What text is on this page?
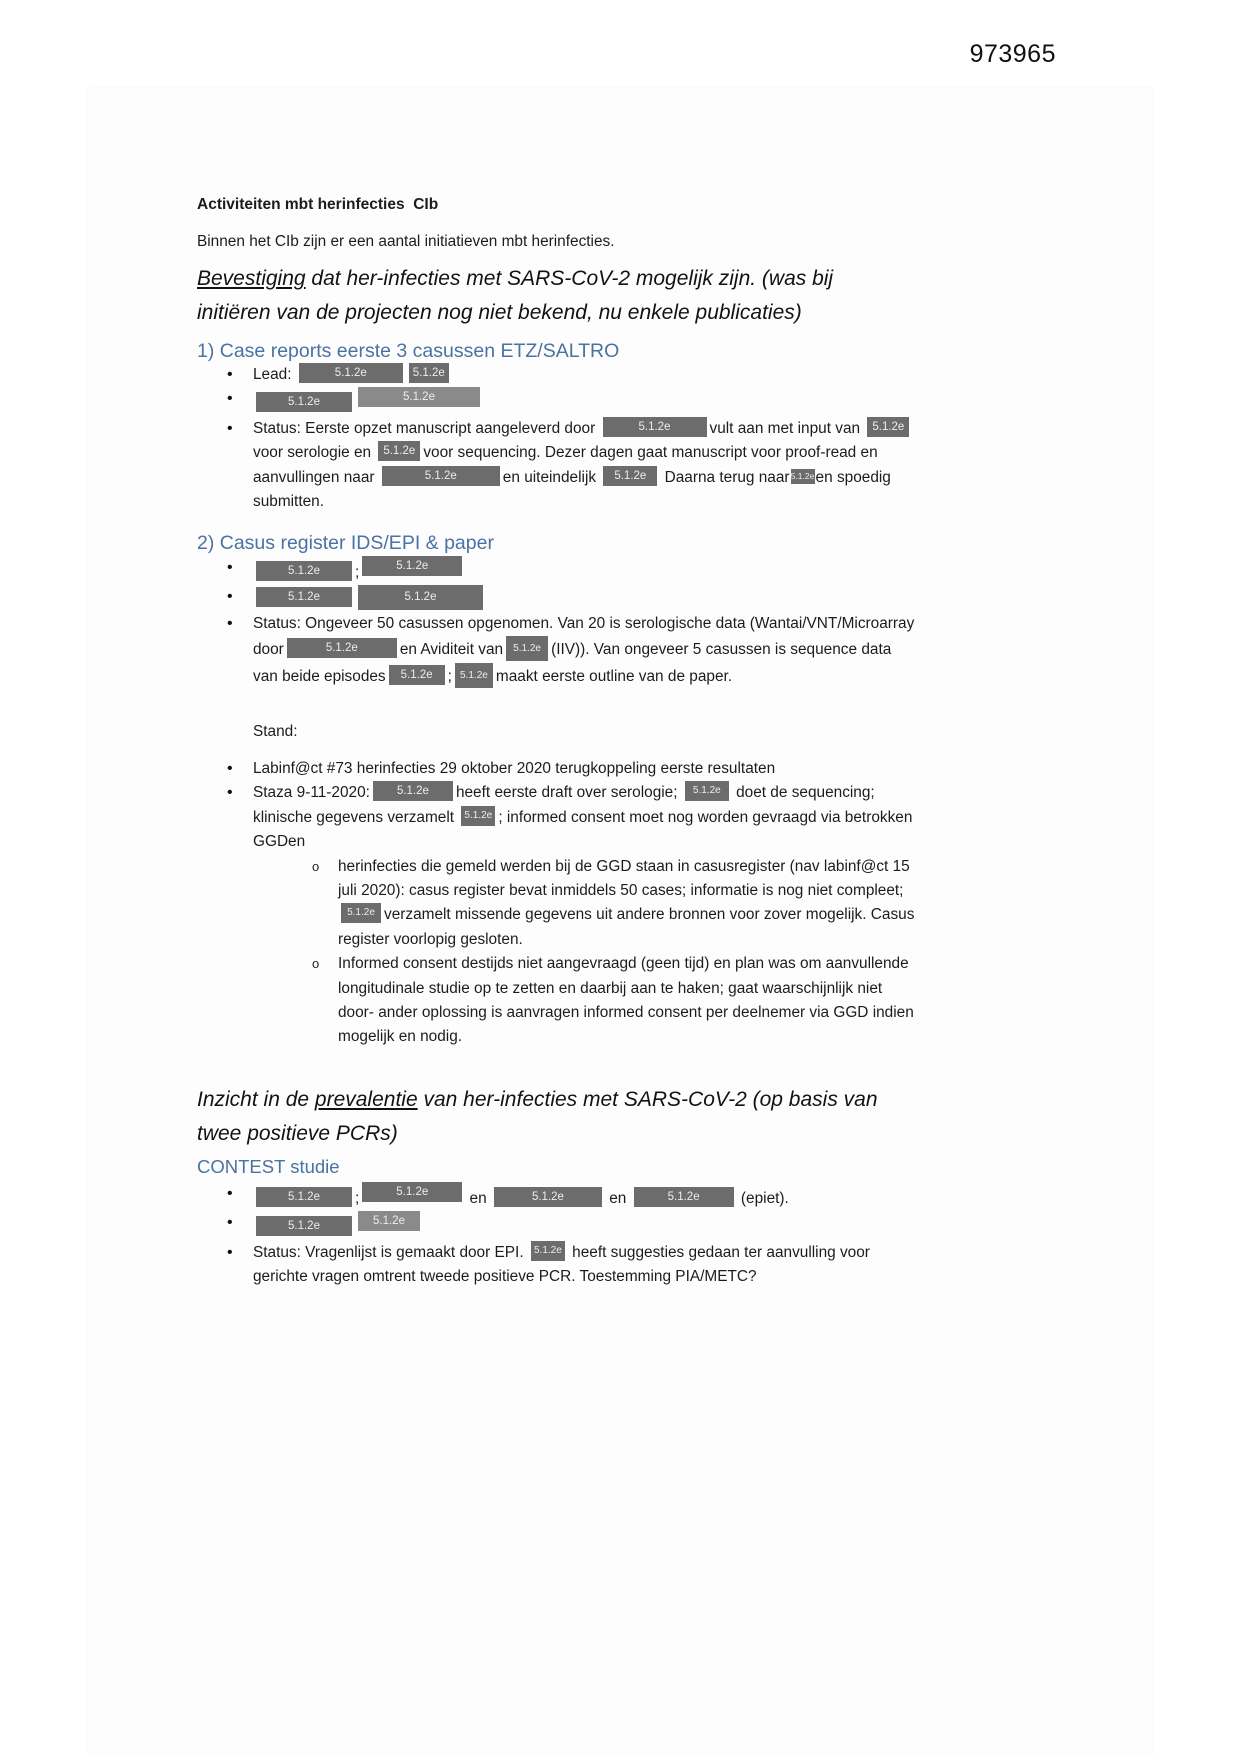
973965
Activiteiten mbt herinfecties  CIb

Binnen het CIb zijn er een aantal initiatieven mbt herinfecties.

Bevestiging dat her-infecties met SARS-CoV-2 mogelijk zijn. (was bij initiëren van de projecten nog niet bekend, nu enkele publicaties)
1) Case reports eerste 3 casussen ETZ/SALTRO
• Lead:	5.1.2e	5.1.2e
• 5.1.2e	5.1.2e
• Status: Eerste opzet manuscript aangeleverd door	5.1.2e	vult aan met input van 5.1.2e voor serologie en 5.1.2e voor sequencing. Dezer dagen gaat manuscript voor proof-read en aanvullingen naar	5.1.2e	en uiteindelijk 5.1.2e Daarna terug naar5.1.2een spoedig submitten.
2) Casus register IDS/EPI & paper
• 5.1.2e ;	5.1.2e
• 5.1.2e	5.1.2e
• Status: Ongeveer 50 casussen opgenomen. Van 20 is serologische data (Wantai/VNT/Microarray door	5.1.2e	en Aviditeit van 5.1.2e (IIV)). Van ongeveer 5 casussen is sequence data van beide episodes 5.1.2e ; 5.1.2e maakt eerste outline van de paper.

Stand:

• Labinf@ct #73 herinfecties 29 oktober 2020 terugkoppeling eerste resultaten
• Staza 9-11-2020: 5.1.2e heeft eerste draft over serologie; 5.1.2e doet de sequencing; klinische gegevens verzamelt 5.1.2e ; informed consent moet nog worden gevraagd via betrokken GGDen
o herinfecties die gemeld werden bij de GGD staan in casusregister (nav labinf@ct 15 juli 2020): casus register bevat inmiddels 50 cases; informatie is nog niet compleet;5.1.2e verzamelt missende gegevens uit andere bronnen voor zover mogelijk. Casus register voorlopig gesloten.
o Informed consent destijds niet aangevraagd (geen tijd) en plan was om aanvullende longitudinale studie op te zetten en daarbij aan te haken; gaat waarschijnlijk niet door- ander oplossing is aanvragen informed consent per deelnemer via GGD indien mogelijk en nodig.
Inzicht in de prevalentie van her-infecties met SARS-CoV-2 (op basis van twee positieve PCRs)
CONTEST studie
• 5.1.2e ;	5.1.2e en	5.1.2e	en	5.1.2e (epiet).
• 5.1.2e	5.1.2e
• Status: Vragenlijst is gemaakt door EPI. 5.1.2e heeft suggesties gedaan ter aanvulling voor gerichte vragen omtrent tweede positieve PCR. Toestemming PIA/METC?
